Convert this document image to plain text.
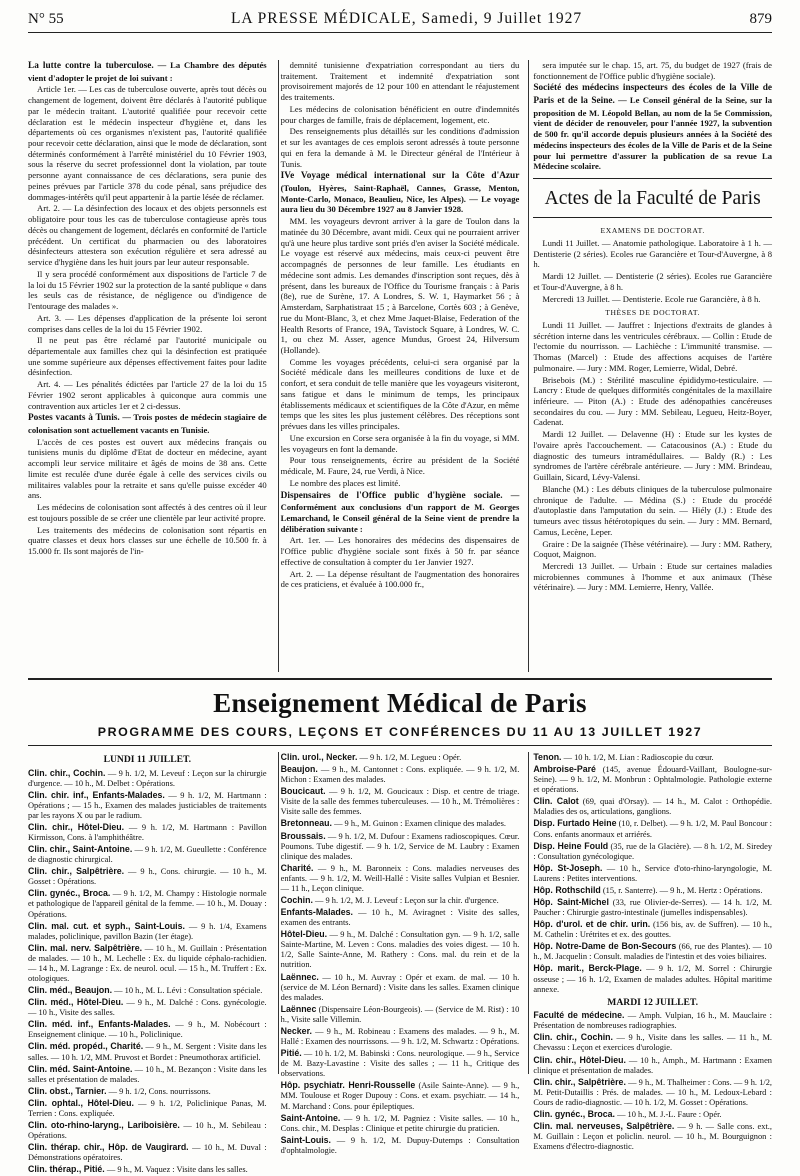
N° 55	LA PRESSE MÉDICALE, Samedi, 9 Juillet 1927	879

La lutte contre la tuberculose. — La Chambre des députés vient d'adopter le projet de loi suivant :

Article 1er. — Les cas de tuberculose ouverte, après tout décès ou changement de logement, doivent être déclarés à l'autorité publique par le médecin traitant. L'autorité qualifiée pour recevoir cette déclaration est le médecin inspecteur d'hygiène et, dans les départements où ces organismes n'existent pas, l'autorité qualifiée pour recevoir cette déclaration, ainsi que le mode de déclaration, sont déterminés conformément à l'arrêté ministériel du 10 Février 1903, sous la réserve du secret professionnel dont la violation, par toute personne ayant connaissance de ces déclarations, sera punie des peines prévues par l'article 378 du code pénal, sans préjudice des dommages-intérêts qu'il peut appartenir à la partie lésée de réclamer.

Art. 2. — La désinfection des locaux et des objets personnels est obligatoire pour tous les cas de tuberculose contagieuse après tous décès ou changement de logement, déclarés en conformité de l'article précédent. Un certificat du pharmacien ou des laboratoires désinfecteurs attestera son exécution régulière et sera adressé au service d'hygiène dans les huit jours par leur auteur responsable.

Il y sera procédé conformément aux dispositions de l'article 7 de la loi du 15 Février 1902 sur la protection de la santé publique « dans les seuls cas de résistance, de négligence ou d'indigence de l'entourage des malades ».

Art. 3. — Les dépenses d'application de la présente loi seront comprises dans celles de la loi du 15 Février 1902.

Il ne peut pas être réclamé par l'autorité municipale ou départementale aux familles chez qui la désinfection est pratiquée une somme supérieure aux dépenses effectivement faites pour ladite désinfection.

Art. 4. — Les pénalités édictées par l'article 27 de la loi du 15 Février 1902 seront applicables à quiconque aura commis une contravention aux articles 1er et 2 ci-dessus.

Postes vacants à Tunis. — Trois postes de médecin stagiaire de colonisation sont actuellement vacants en Tunisie.

L'accès de ces postes est ouvert aux médecins français ou tunisiens munis du diplôme d'Etat de docteur en médecine, ayant accompli leur service militaire et âgés de moins de 38 ans. Cette limite est reculée d'une durée égale à celle des services civils ou militaires valables pour la retraite et sans qu'elle puisse excéder 40 ans.

Les médecins de colonisation sont affectés à des centres où il leur est toujours possible de se créer une clientèle par leur activité propre.

Les traitements des médecins de colonisation sont répartis en quatre classes et deux hors classes sur une échelle de 10.500 fr. à 15.000 fr. Ils sont majorés de l'in-

demnité tunisienne d'expatriation correspondant au tiers du traitement. Traitement et indemnité d'expatriation sont provisoirement majorés de 12 pour 100 en attendant le réajustement des traitements.

Les médecins de colonisation bénéficient en outre d'indemnités pour charges de famille, frais de déplacement, logement, etc.

Des renseignements plus détaillés sur les conditions d'admission et sur les avantages de ces emplois seront adressés à toute personne qui en fera la demande à M. le Directeur général de l'Intérieur à Tunis.

IVe Voyage médical international sur la Côte d'Azur (Toulon, Hyères, Saint-Raphaël, Cannes, Grasse, Menton, Monte-Carlo, Monaco, Beaulieu, Nice, les Alpes). — Le voyage aura lieu du 30 Décembre 1927 au 8 Janvier 1928.

MM. les voyageurs devront arriver à la gare de Toulon dans la matinée du 30 Décembre, avant midi. Ceux qui ne pourraient arriver qu'à une heure plus tardive sont priés d'en aviser la Société médicale. Le voyage est réservé aux médecins, mais ceux-ci peuvent être accompagnés de personnes de leur famille. Les étudiants en médecine sont admis. Les demandes d'inscription sont reçues, dès à présent, dans les bureaux de l'Office du Tourisme français : à Paris (8e), rue de Surène, 17. A Londres, S. W. 1, Haymarket 56 ; à Amsterdam, Sarphatistraat 15 ; à Barcelone, Cortès 603 ; à Genève, rue du Mont-Blanc, 3, et chez Mme Jaquet-Blaise, Federation of the Health Resorts of France, 19A, Tavistock Square, à Londres, W. C. 1, ou chez M. Asser, agence Mundus, Groest 24, Hilversum (Hollande).

Comme les voyages précédents, celui-ci sera organisé par la Société médicale dans les meilleures conditions de luxe et de confort, et sera conduit de telle manière que les voyageurs visiteront, sans fatigue et dans le minimum de temps, les principaux établissements médicaux et scientifiques de la Côte d'Azur, en même temps que les sites les plus justement célèbres. Des réceptions sont prévues dans les villes principales.

Une excursion en Corse sera organisée à la fin du voyage, si MM. les voyageurs en font la demande.

Pour tous renseignements, écrire au président de la Société médicale, M. Faure, 24, rue Verdi, à Nice.

Le nombre des places est limité.

Dispensaires de l'Office public d'hygiène sociale. — Conformément aux conclusions d'un rapport de M. Georges Lemarchand, le Conseil général de la Seine vient de prendre la délibération suivante :

Art. 1er. — Les honoraires des médecins des dispensaires de l'Office public d'hygiène sociale sont fixés à 50 fr. par séance effective de consultation à compter du 1er Janvier 1927.

Art. 2. — La dépense résultant de l'augmentation des honoraires de ces praticiens, et évaluée à 100.000 fr.,

sera imputée sur le chap. 15, art. 75, du budget de 1927 (frais de fonctionnement de l'Office public d'hygiène sociale).

Société des médecins inspecteurs des écoles de la Ville de Paris et de la Seine. — Le Conseil général de la Seine, sur la proposition de M. Léopold Bellan, au nom de la 5e Commission, vient de décider de renouveler, pour l'année 1927, la subvention de 500 fr. qu'il accorde depuis plusieurs années à la Société des médecins inspecteurs des écoles de la Ville de Paris et de la Seine pour lui permettre d'assurer la publication de sa revue La Médecine scolaire.

Actes de la Faculté de Paris

EXAMENS DE DOCTORAT.

Lundi 11 Juillet. — Anatomie pathologique. Laboratoire à 1 h. — Dentisterie (2 séries). Ecoles rue Garancière et Tour-d'Auvergne, à 8 h.

Mardi 12 Juillet. — Dentisterie (2 séries). Ecoles rue Garancière et Tour-d'Auvergne, à 8 h.

Mercredi 13 Juillet. — Dentisterie. Ecole rue Garancière, à 8 h.

THÈSES DE DOCTORAT.

Lundi 11 Juillet. — Jauffret : Injections d'extraits de glandes à sécrétion interne dans les ventricules cérébraux. — Collin : Etude de l'ectomie du nourrisson. — Lachièche : L'immunité transmise. — Thomas (Marcel) : Etude des affections acquises de l'artère pulmonaire. — Jury : MM. Roger, Lemierre, Widal, Debré.

Brisebois (M.) : Stérilité masculine épididymo-testiculaire. — Lancry : Etude de quelques difformités congénitales de la maxillaire inférieure. — Piton (A.) : Etude des adénopathies cancéreuses secondaires du cou. — Jury : MM. Sebileau, Legueu, Heitz-Boyer, Cadenat.

Mardi 12 Juillet. — Delavenne (H) : Etude sur les kystes de l'ovaire après l'accouchement. — Catacousinos (A.) : Etude du diagnostic des tumeurs intramédullaires. — Baldy (R.) : Les syndromes de l'artère cérébrale antérieure. — Jury : MM. Brindeau, Guillain, Sicard, Lévy-Valensi.

Blanche (M.) : Les débuts cliniques de la tuberculose pulmonaire chronique de l'adulte. — Médina (S.) : Etude du procédé d'autoplastie dans l'amputation du sein. — Hiély (J.) : Etude des tumeurs avec tissus hétérotopiques du sein. — Jury : MM. Bernard, Camus, Lecène, Leper.

Graire : De la saignée (Thèse vétérinaire). — Jury : MM. Rathery, Coquot, Maignon.

Mercredi 13 Juillet. — Urbain : Etude sur certaines maladies microbiennes communes à l'homme et aux animaux (Thèse vétérinaire). — Jury : MM. Lemierre, Henry, Vallée.

Enseignement Médical de Paris
PROGRAMME DES COURS, LEÇONS ET CONFÉRENCES DU 11 AU 13 JUILLET 1927

LUNDI 11 JUILLET.

Clin. chir., Cochin. — 9 h. 1/2, M. Leveuf : Leçon sur la chirurgie d'urgence. — 10 h., M. Delbet : Opérations.

Clin. chir. inf., Enfants-Malades. — 9 h. 1/2, M. Hartmann : Opérations ; — 15 h., Examen des malades justiciables de traitements par les rayons X ou par le radium.

Clin. chir., Hôtel-Dieu. — 9 h. 1/2, M. Hartmann : Pavillon Kirmisson, Cons. à l'amphithéâtre.

Clin. chir., Saint-Antoine. — 9 h. 1/2, M. Gueullette : Conférence de diagnostic chirurgical.

Clin. chir., Salpêtrière. — 9 h., Cons. chirurgie. — 10 h., M. Gosset : Opérations.

Clin. gynéc., Broca. — 9 h. 1/2, M. Champy : Histologie normale et pathologique de l'appareil génital de la femme. — 10 h., M. Douay : Opérations.

Clin. mal. cut. et syph., Saint-Louis. — 9 h. 1/4, Examens malades, policlinique, pavillon Bazin (1er étage).

Clin. mal. nerv. Salpêtrière. — 10 h., M. Guillain : Présentation de malades. — 10 h., M. Lechelle : Ex. du liquide céphalo-rachidien. — 14 h., M. Lagrange : Ex. de neurol. ocul. — 15 h., M. Truffert : Ex. otologiques.

Clin. méd., Beaujon. — 10 h., M. L. Lévi : Consultation spéciale.

Clin. méd., Hôtel-Dieu. — 9 h., M. Dalché : Cons. gynécologie. — 10 h., Visite des salles.

Clin. méd. inf., Enfants-Malades. — 9 h., M. Nobécourt : Enseignement clinique. — 10 h., Policlinique.

Clin. méd. propéd., Charité. — 9 h., M. Sergent : Visite dans les salles. — 10 h. 1/2, MM. Pruvost et Bordet : Pneumothorax artificiel.

Clin. méd. Saint-Antoine. — 10 h., M. Bezançon : Visite dans les salles et présentation de malades.

Clin. obst., Tarnier. — 9 h. 1/2, Cons. nourrissons.

Clin. ophtal., Hôtel-Dieu. — 9 h. 1/2, Policlinique Panas, M. Terrien : Cons. expliquée.

Clin. oto-rhino-laryng., Lariboisière. — 10 h., M. Sebileau : Opérations.

Clin. thérap. chir., Hôp. de Vaugirard. — 10 h., M. Duval : Démonstrations opératoires.

Clin. thérap., Pitié. — 9 h., M. Vaquez : Visite dans les salles.

Clin. urol., Necker. — 9 h. 1/2, M. Legueu : Opér.

Beaujon. — 9 h., M. Cantonnet : Cons. expliquée. — 9 h. 1/2, M. Michon : Examen des malades.

Boucicaut. — 9 h. 1/2, M. Goucicaux : Disp. et centre de triage. Visite de la salle des femmes tuberculeuses. — 10 h., M. Trémolières : Visite salle des femmes.

Bretonneau. — 9 h., M. Guinon : Examen clinique des malades.

Broussais. — 9 h. 1/2, M. Dufour : Examens radioscopiques. Cœur. Poumons. Tube digestif. — 9 h. 1/2, Service de M. Laubry : Examen clinique des malades.

Charité. — 9 h., M. Baronneix : Cons. maladies nerveuses des enfants. — 9 h. 1/2, M. Weill-Hallé : Visite salles Vulpian et Besnier. — 11 h., Leçon clinique.

Cochin. — 9 h. 1/2, M. J. Leveuf : Leçon sur la chir. d'urgence.

Enfants-Malades. — 10 h., M. Aviragnet : Visite des salles, examen des entrants.

Hôtel-Dieu. — 9 h., M. Dalché : Consultation gyn. — 9 h. 1/2, salle Sainte-Martine, M. Leven : Cons. maladies des voies digest. — 10 h. 1/2, Salle Sainte-Anne, M. Rathery : Cons. mal. du rein et de la nutrition.

Laënnec. — 10 h., M. Auvray : Opér et exam. de mal. — 10 h. (service de M. Léon Bernard) : Visite dans les salles. Examen clinique des malades.

Laënnec (Dispensaire Léon-Bourgeois). — (Service de M. Rist) : 10 h., Visite salle Villemin.

Necker. — 9 h., M. Robineau : Examens des malades. — 9 h., M. Hallé : Examen des nourrissons. — 9 h. 1/2, M. Schwartz : Opérations.

Pitié. — 10 h. 1/2, M. Babinski : Cons. neurologique. — 9 h., Service de M. Bazy-Lavastine : Visite des salles ; — 11 h., Critique des observations.

Hôp. psychiatr. Henri-Rousselle (Asile Sainte-Anne). — 9 h., MM. Toulouse et Roger Dupouy : Cons. et exam. psychiatr. — 14 h., M. Marchand : Cons. pour épileptiques.

Saint-Antoine. — 9 h. 1/2, M. Pagniez : Visite salles. — 10 h., Cons. chir., M. Desplas : Clinique et petite chirurgie du praticien.

Saint-Louis. — 9 h. 1/2, M. Dupuy-Dutemps : Consultation d'ophtalmologie.

Tenon. — 10 h. 1/2, M. Lian : Radioscopie du cœur.

Ambroise-Paré (145, avenue Édouard-Vaillant, Boulogne-sur-Seine). — 9 h. 1/2, M. Monbrun : Ophtalmologie. Pathologie externe et opérations.

Clin. Calot (69, quai d'Orsay). — 14 h., M. Calot : Orthopédie. Maladies des os, articulations, ganglions.

Disp. Furtado Heine (10, r. Delbet). — 9 h. 1/2, M. Paul Boncour : Cons. enfants anormaux et arriérés.

Disp. Heine Fould (35, rue de la Glacière). — 8 h. 1/2, M. Siredey : Consultation gynécologique.

Hôp. St-Joseph. — 10 h., Service d'oto-rhino-laryngologie, M. Laurens : Petites interventions.

Hôp. Rothschild (15, r. Santerre). — 9 h., M. Hertz : Opérations.

Hôp. Saint-Michel (33, rue Olivier-de-Serres). — 14 h. 1/2, M. Paucher : Chirurgie gastro-intestinale (jumelles indispensables).

Hôp. d'urol. et de chir. urin. (156 bis, av. de Suffren). — 10 h., M. Cathelin : Urétrites et ex. des gouttes.

Hôp. Notre-Dame de Bon-Secours (66, rue des Plantes). — 10 h., M. Jacquelin : Consult. maladies de l'intestin et des voies biliaires.

Hôp. marit., Berck-Plage. — 9 h. 1/2, M. Sorrel : Chirurgie osseuse ; — 16 h. 1/2, Examen de malades adultes. Hôpital maritime annexe.

MARDI 12 JUILLET.

Faculté de médecine. — Amph. Vulpian, 16 h., M. Mauclaire : Présentation de nombreuses radiographies.

Clin. chir., Cochin. — 9 h., Visite dans les salles. — 11 h., M. Chevassu : Leçon et exercices d'urologie.

Clin. chir., Hôtel-Dieu. — 10 h., Amph., M. Hartmann : Examen clinique et présentation de malades.

Clin. chir., Salpêtrière. — 9 h., M. Thalheimer : Cons. — 9 h. 1/2, M. Petit-Dutaillis : Prés. de malades. — 10 h., M. Ledoux-Lebard : Cours de radio-diagnostic. — 10 h. 1/2, M. Gosset : Opérations.

Clin. gynéc., Broca. — 10 h., M. J.-L. Faure : Opér.

Clin. mal. nerveuses, Salpêtrière. — 9 h. — Salle cons. ext., M. Guillain : Leçon et policlin. neurol. — 10 h., M. Bourguignon : Examens d'électro-diagnostic.
